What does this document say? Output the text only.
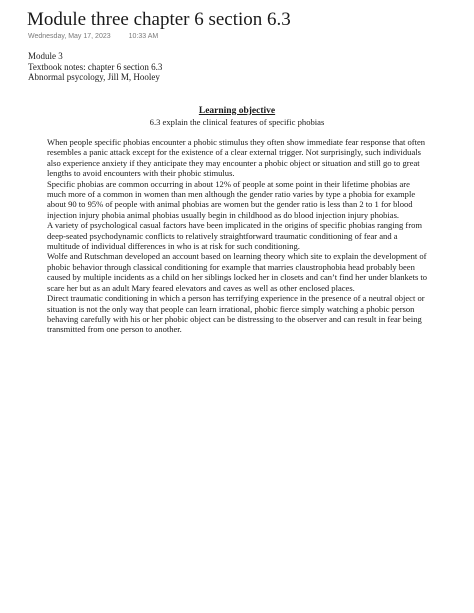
Module three chapter 6 section 6.3
Wednesday, May 17, 2023	10:33 AM
Module 3
Textbook notes: chapter 6 section 6.3
Abnormal psycology, Jill M, Hooley
Learning objective
6.3 explain the clinical features of specific phobias

When people specific phobias encounter a phobic stimulus they often show immediate fear response that often resembles a panic attack except for the existence of a clear external trigger. Not surprisingly, such individuals also experience anxiety if they anticipate they may encounter a phobic object or situation and still go to great lengths to avoid encounters with their phobic stimulus.

Specific phobias are common occurring in about 12% of people at some point in their lifetime phobias are much more of a common in women than men although the gender ratio varies by type a phobia for example about 90 to 95% of people with animal phobias are women but the gender ratio is less than 2 to 1 for blood injection injury phobia animal phobias usually begin in childhood as do blood injection injury phobias.

A variety of psychological casual factors have been implicated in the origins of specific phobias ranging from deep-seated psychodynamic conflicts to relatively straightforward traumatic conditioning of fear and a multitude of individual differences in who is at risk for such conditioning.

Wolfe and Rutschman developed an account based on learning theory which site to explain the development of phobic behavior through classical conditioning for example that marries claustrophobia head probably been caused by multiple incidents as a child on her siblings locked her in closets and can’t find her under blankets to scare her but as an adult Mary feared elevators and caves as well as other enclosed places.

Direct traumatic conditioning in which a person has terrifying experience in the presence of a neutral object or situation is not the only way that people can learn irrational, phobic fierce simply watching a phobic person behaving carefully with his or her phobic object can be distressing to the observer and can result in fear being transmitted from one person to another.
